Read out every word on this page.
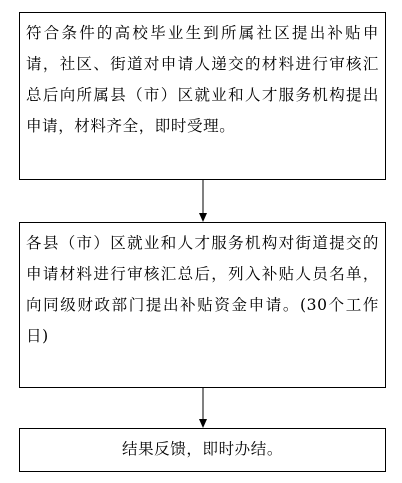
符合条件的高校毕业生到所属社区提出补贴申请，社区、街道对申请人递交的材料进行审核汇总后向所属县（市）区就业和人才服务机构提出申请，材料齐全，即时受理。
各县（市）区就业和人才服务机构对街道提交的申请材料进行审核汇总后，列入补贴人员名单，向同级财政部门提出补贴资金申请。(30个工作日)
结果反馈，即时办结。
